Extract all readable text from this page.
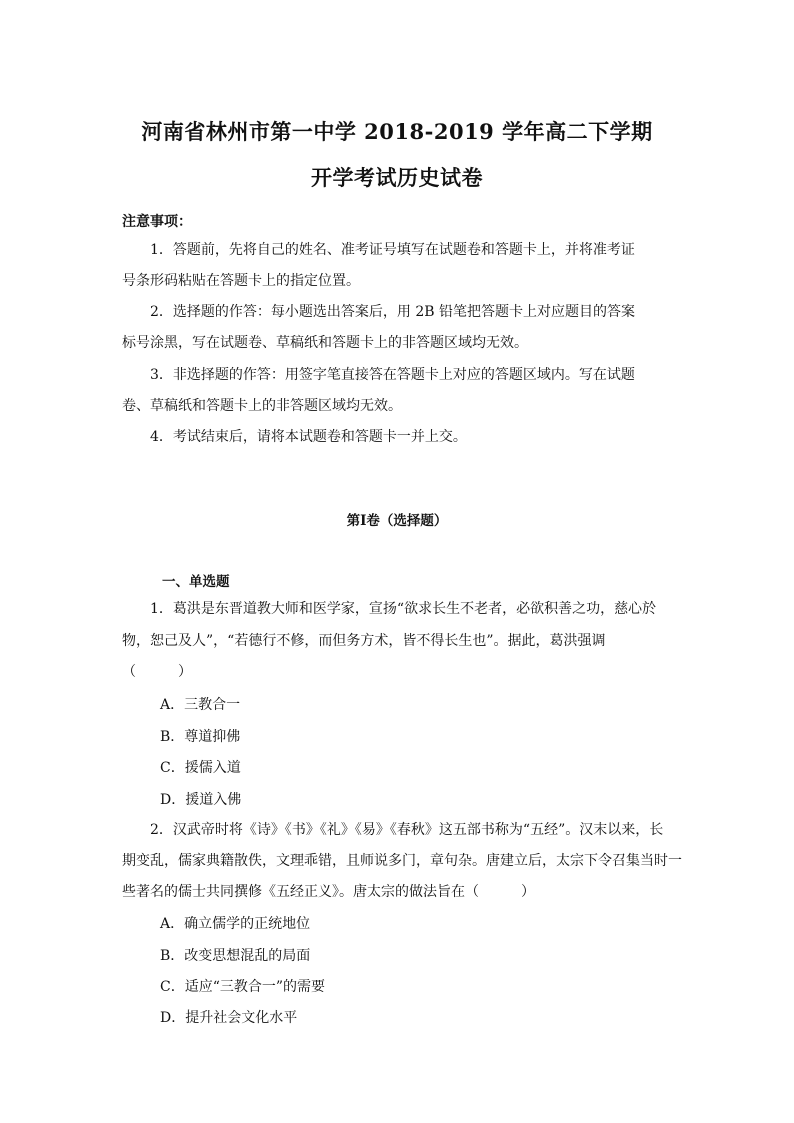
河南省林州市第一中学 2018-2019 学年高二下学期
开学考试历史试卷
注意事项：
1．答题前，先将自己的姓名、准考证号填写在试题卷和答题卡上，并将准考证
号条形码粘贴在答题卡上的指定位置。
2．选择题的作答：每小题选出答案后，用 2B 铅笔把答题卡上对应题目的答案
标号涂黑，写在试题卷、草稿纸和答题卡上的非答题区域均无效。
3．非选择题的作答：用签字笔直接答在答题卡上对应的答题区域内。写在试题
卷、草稿纸和答题卡上的非答题区域均无效。
4．考试结束后，请将本试题卷和答题卡一并上交。
第Ⅰ卷（选择题）
一、单选题
1．葛洪是东晋道教大师和医学家，宣扬“欲求长生不老者，必欲积善之功，慈心於
物，恕己及人”，“若德行不修，而但务方术，皆不得长生也”。据此，葛洪强调
（　　　）
A．三教合一
B．尊道抑佛
C．援儒入道
D．援道入佛
2．汉武帝时将《诗》《书》《礼》《易》《春秋》这五部书称为“五经”。汉末以来，长
期变乱，儒家典籍散佚，文理乖错，且师说多门，章句杂。唐建立后，太宗下令召集当时一
些著名的儒士共同撰修《五经正义》。唐太宗的做法旨在（　　　）
A．确立儒学的正统地位
B．改变思想混乱的局面
C．适应“三教合一”的需要
D．提升社会文化水平
